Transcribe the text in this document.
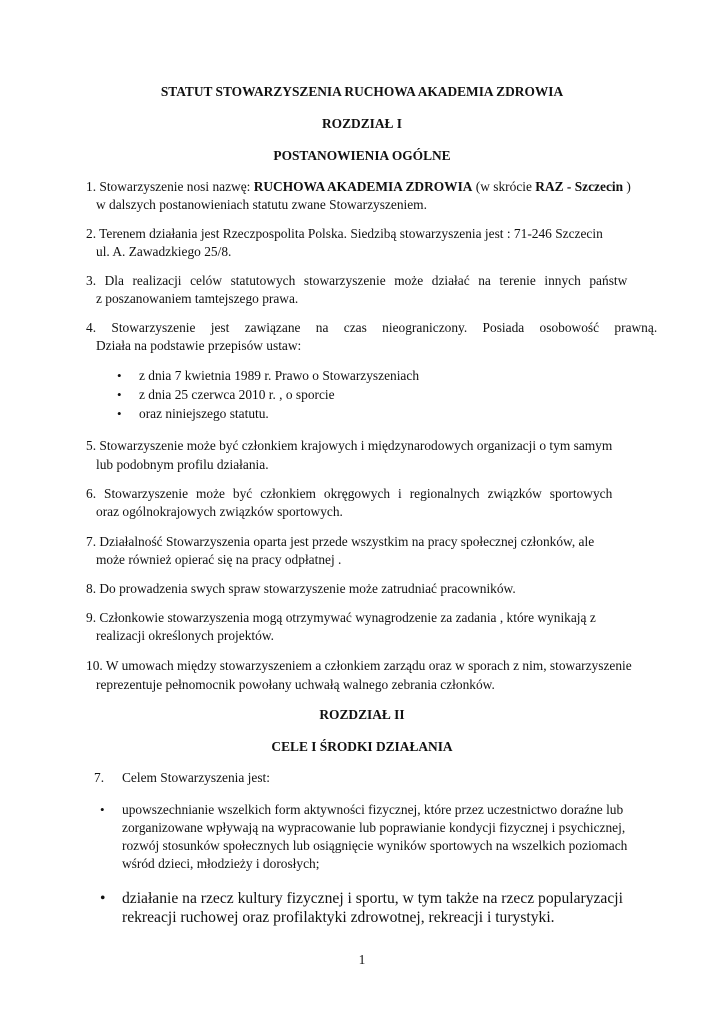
STATUT STOWARZYSZENIA RUCHOWA AKADEMIA ZDROWIA
ROZDZIAŁ I
POSTANOWIENIA OGÓLNE
1. Stowarzyszenie nosi nazwę: RUCHOWA AKADEMIA ZDROWIA (w skrócie RAZ - Szczecin )
w dalszych postanowieniach statutu zwane Stowarzyszeniem.
2. Terenem działania jest Rzeczpospolita Polska. Siedzibą stowarzyszenia jest : 71-246 Szczecin
ul. A. Zawadzkiego 25/8.
3. Dla realizacji celów statutowych stowarzyszenie może działać na terenie innych państw
z poszanowaniem tamtejszego prawa.
4. Stowarzyszenie jest zawiązane na czas nieograniczony. Posiada osobowość prawną.
Działa na podstawie przepisów ustaw:
• z dnia 7 kwietnia 1989 r. Prawo o Stowarzyszeniach
• z dnia 25 czerwca 2010 r. , o sporcie
• oraz niniejszego statutu.
5. Stowarzyszenie może być członkiem krajowych i międzynarodowych organizacji o tym samym
lub podobnym profilu działania.
6. Stowarzyszenie może być członkiem okręgowych i regionalnych związków sportowych
oraz ogólnokrajowych związków sportowych.
7. Działalność Stowarzyszenia oparta jest przede wszystkim na pracy społecznej członków, ale
może również opierać się na pracy odpłatnej .
8. Do prowadzenia swych spraw stowarzyszenie może zatrudniać pracowników.
9. Członkowie stowarzyszenia mogą otrzymywać wynagrodzenie za zadania , które wynikają z
realizacji określonych projektów.
10. W umowach między stowarzyszeniem a członkiem zarządu oraz w sporach z nim, stowarzyszenie
reprezentuje pełnomocnik powołany uchwałą walnego zebrania członków.
ROZDZIAŁ II
CELE I ŚRODKI DZIAŁANIA
7. Celem Stowarzyszenia jest:
• upowszechnianie wszelkich form aktywności fizycznej, które przez uczestnictwo doraźne lub
zorganizowane wpływają na wypracowanie lub poprawianie kondycji fizycznej i psychicznej,
rozwój stosunków społecznych lub osiągnięcie wyników sportowych na wszelkich poziomach
wśród dzieci, młodzieży i dorosłych;
• działanie na rzecz kultury fizycznej i sportu, w tym także na rzecz popularyzacji
rekreacji ruchowej oraz profilaktyki zdrowotnej, rekreacji i turystyki.
1
